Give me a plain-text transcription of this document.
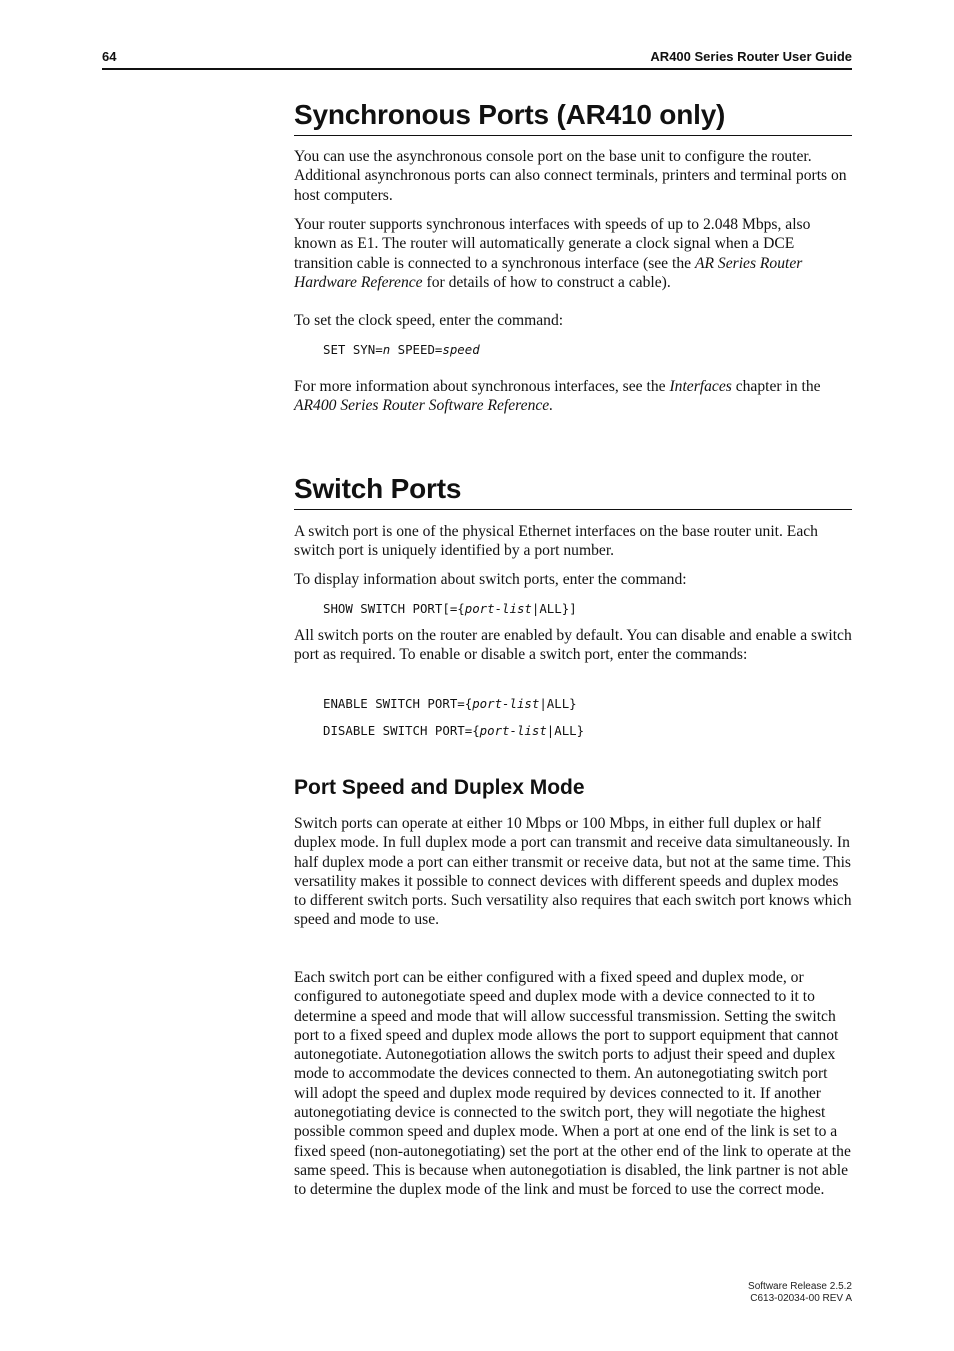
64	AR400 Series Router User Guide
Synchronous Ports (AR410 only)

You can use the asynchronous console port on the base unit to configure the router. Additional asynchronous ports can also connect terminals, printers and terminal ports on host computers.

Your router supports synchronous interfaces with speeds of up to 2.048 Mbps, also known as E1. The router will automatically generate a clock signal when a DCE transition cable is connected to a synchronous interface (see the AR Series Router Hardware Reference for details of how to construct a cable).

To set the clock speed, enter the command:

SET SYN=n SPEED=speed

For more information about synchronous interfaces, see the Interfaces chapter in the AR400 Series Router Software Reference.

Switch Ports

A switch port is one of the physical Ethernet interfaces on the base router unit. Each switch port is uniquely identified by a port number.

To display information about switch ports, enter the command:

SHOW SWITCH PORT[={port-list|ALL}]

All switch ports on the router are enabled by default. You can disable and enable a switch port as required. To enable or disable a switch port, enter the commands:

ENABLE SWITCH PORT={port-list|ALL}
DISABLE SWITCH PORT={port-list|ALL}
Port Speed and Duplex Mode

Switch ports can operate at either 10 Mbps or 100 Mbps, in either full duplex or half duplex mode. In full duplex mode a port can transmit and receive data simultaneously. In half duplex mode a port can either transmit or receive data, but not at the same time. This versatility makes it possible to connect devices with different speeds and duplex modes to different switch ports. Such versatility also requires that each switch port knows which speed and mode to use.

Each switch port can be either configured with a fixed speed and duplex mode, or configured to autonegotiate speed and duplex mode with a device connected to it to determine a speed and mode that will allow successful transmission. Setting the switch port to a fixed speed and duplex mode allows the port to support equipment that cannot autonegotiate. Autonegotiation allows the switch ports to adjust their speed and duplex mode to accommodate the devices connected to them. An autonegotiating switch port will adopt the speed and duplex mode required by devices connected to it. If another autonegotiating device is connected to the switch port, they will negotiate the highest possible common speed and duplex mode. When a port at one end of the link is set to a fixed speed (non-autonegotiating) set the port at the other end of the link to operate at the same speed. This is because when autonegotiation is disabled, the link partner is not able to determine the duplex mode of the link and must be forced to use the correct mode.

Software Release 2.5.2
C613-02034-00 REV A
